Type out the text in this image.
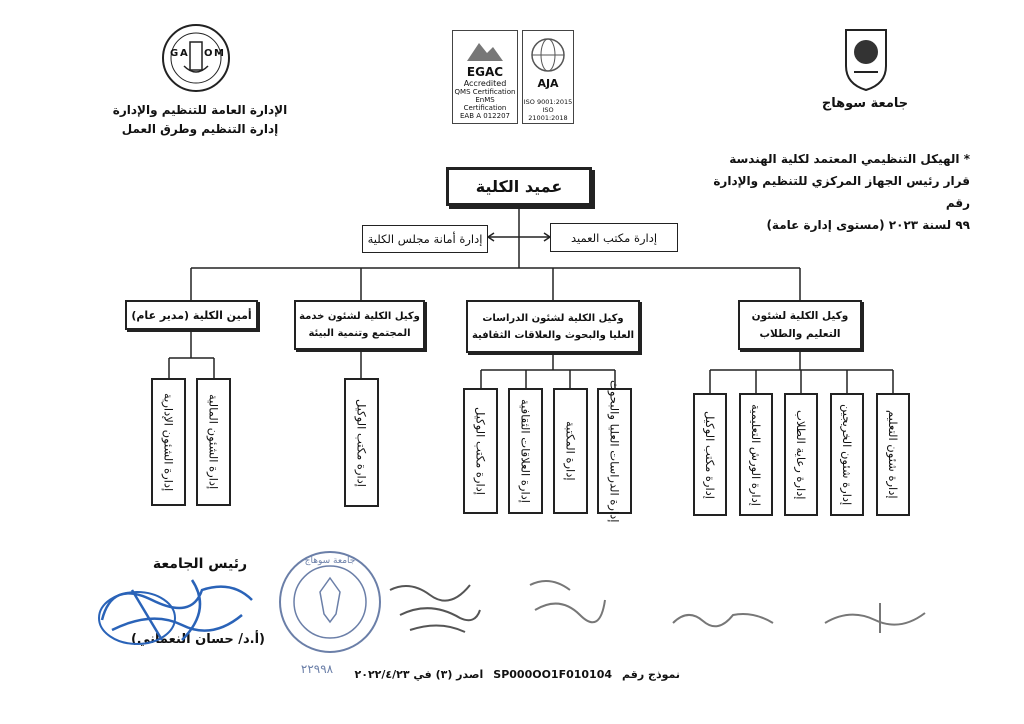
G A O M
الإدارة العامة للتنظيم والإدارة
إدارة التنظيم وطرق العمل
EGAC
Accredited
QMS Certification
EnMS Certification
EAB A 012207
AJA
ISO 9001:2015
ISO 21001:2018
جامعة سوهاج
* الهيكل التنظيمي المعتمد لكلية الهندسة
قرار رئيس الجهاز المركزي للتنظيم والإدارة رقم
٩٩ لسنة ٢٠٢٣ (مستوى إدارة عامة)
عميد الكلية
إدارة أمانة مجلس الكلية	إدارة مكتب العميد
وكيل الكلية لشئون
التعليم والطلاب
وكيل الكلية لشئون الدراسات
العليا والبحوث والعلاقات الثقافية
وكيل الكلية لشئون خدمة
المجتمع وتنمية البيئة
أمين الكلية (مدير عام)
إدارة شئون التعليم
إدارة شئون الخريجين
إدارة رعاية الطلاب
إدارة الورش التعليمية
إدارة مكتب الوكيل
إدارة الدراسات العليا والبحوث
إدارة المكتبة
إدارة العلاقات الثقافية
إدارة مكتب الوكيل
إدارة مكتب الوكيل
إدارة الشئون المالية
إدارة الشئون الإدارية
رئيس الجامعة
(أ.د/ حسان النعماني)
جامعة سوهاج
نموذج رقم
SP000OO1F010104
اصدر (٣) في ٢٠٢٢/٤/٢٣
٢٢٩٩٨
